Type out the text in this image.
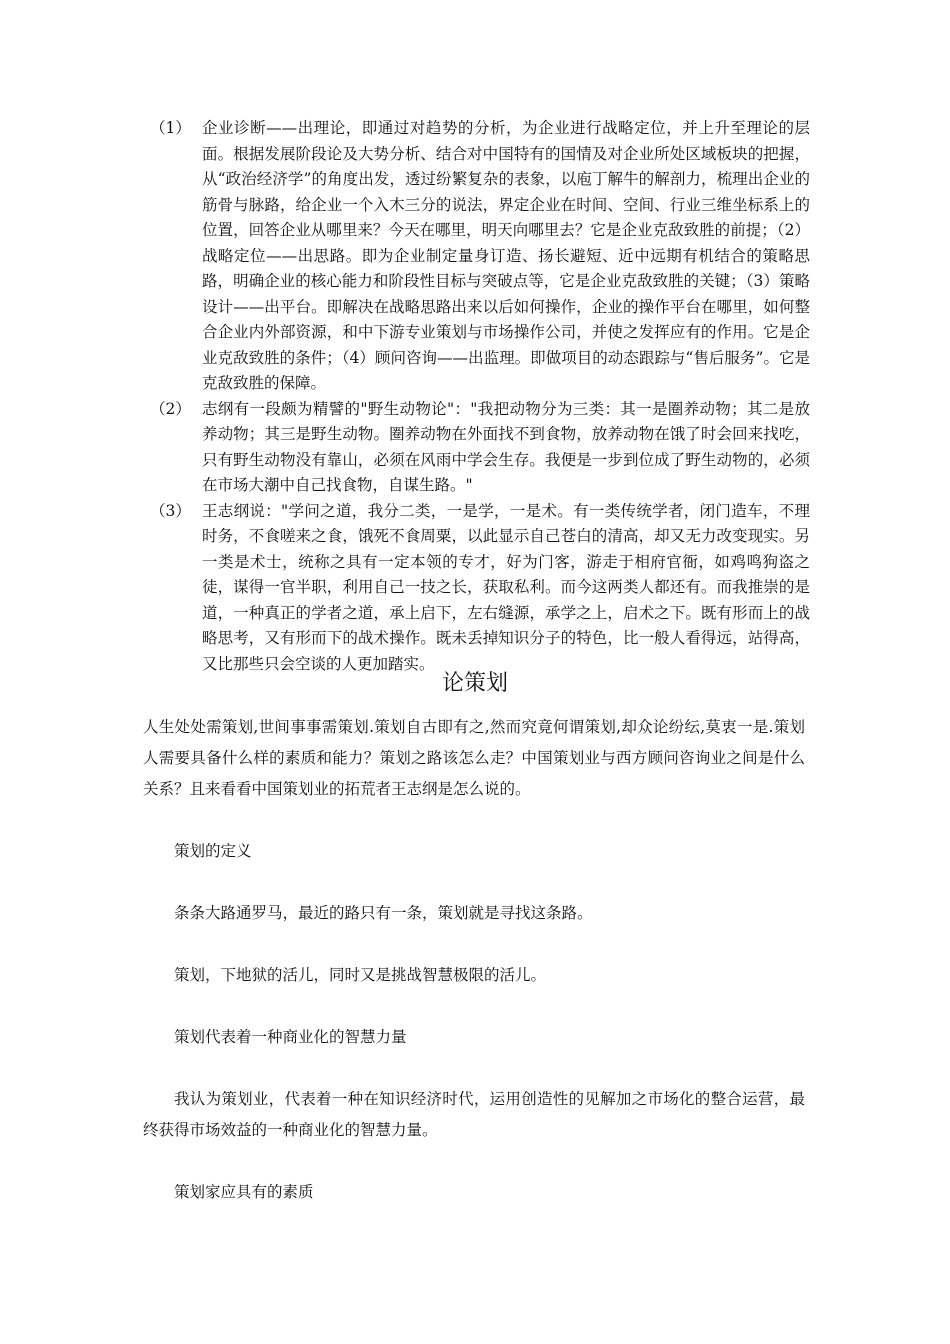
（1） 企业诊断——出理论，即通过对趋势的分析，为企业进行战略定位，并上升至理论的层面。根据发展阶段论及大势分析、结合对中国特有的国情及对企业所处区域板块的把握，从“政治经济学”的角度出发，透过纷繁复杂的表象，以庖丁解牛的解剖力，梳理出企业的筋骨与脉路，给企业一个入木三分的说法，界定企业在时间、空间、行业三维坐标系上的位置，回答企业从哪里来？今天在哪里，明天向哪里去？它是企业克敌致胜的前提；（2）战略定位——出思路。即为企业制定量身订造、扬长避短、近中远期有机结合的策略思路，明确企业的核心能力和阶段性目标与突破点等，它是企业克敌致胜的关键；（3）策略设计——出平台。即解决在战略思路出来以后如何操作，企业的操作平台在哪里，如何整合企业内外部资源，和中下游专业策划与市场操作公司，并使之发挥应有的作用。它是企业克敌致胜的条件；（4）顾问咨询——出监理。即做项目的动态跟踪与“售后服务”。它是克敌致胜的保障。
（2） 志纲有一段颇为精譬的"野生动物论"："我把动物分为三类：其一是圈养动物；其二是放养动物；其三是野生动物。圈养动物在外面找不到食物，放养动物在饿了时会回来找吃，只有野生动物没有靠山，必须在风雨中学会生存。我便是一步到位成了野生动物的，必须在市场大潮中自己找食物，自谋生路。"
（3） 王志纲说："学问之道，我分二类，一是学，一是术。有一类传统学者，闭门造车，不理时务，不食嗟来之食，饿死不食周粟，以此显示自己苍白的清高，却又无力改变现实。另一类是术士，统称之具有一定本领的专才，好为门客，游走于相府官衙，如鸡鸣狗盗之徒，谋得一官半职，利用自己一技之长，获取私利。而今这两类人都还有。而我推崇的是道，一种真正的学者之道，承上启下，左右缝源，承学之上，启术之下。既有形而上的战略思考，又有形而下的战术操作。既未丢掉知识分子的特色，比一般人看得远，站得高，又比那些只会空谈的人更加踏实。
论策划

人生处处需策划,世间事事需策划.策划自古即有之,然而究竟何谓策划,却众论纷纭,莫衷一是.策划人需要具备什么样的素质和能力？策划之路该怎么走？中国策划业与西方顾问咨询业之间是什么关系？且来看看中国策划业的拓荒者王志纲是怎么说的。

策划的定义

条条大路通罗马，最近的路只有一条，策划就是寻找这条路。

策划，下地狱的活儿，同时又是挑战智慧极限的活儿。

策划代表着一种商业化的智慧力量

我认为策划业，代表着一种在知识经济时代，运用创造性的见解加之市场化的整合运营，最终获得市场效益的一种商业化的智慧力量。

策划家应具有的素质
